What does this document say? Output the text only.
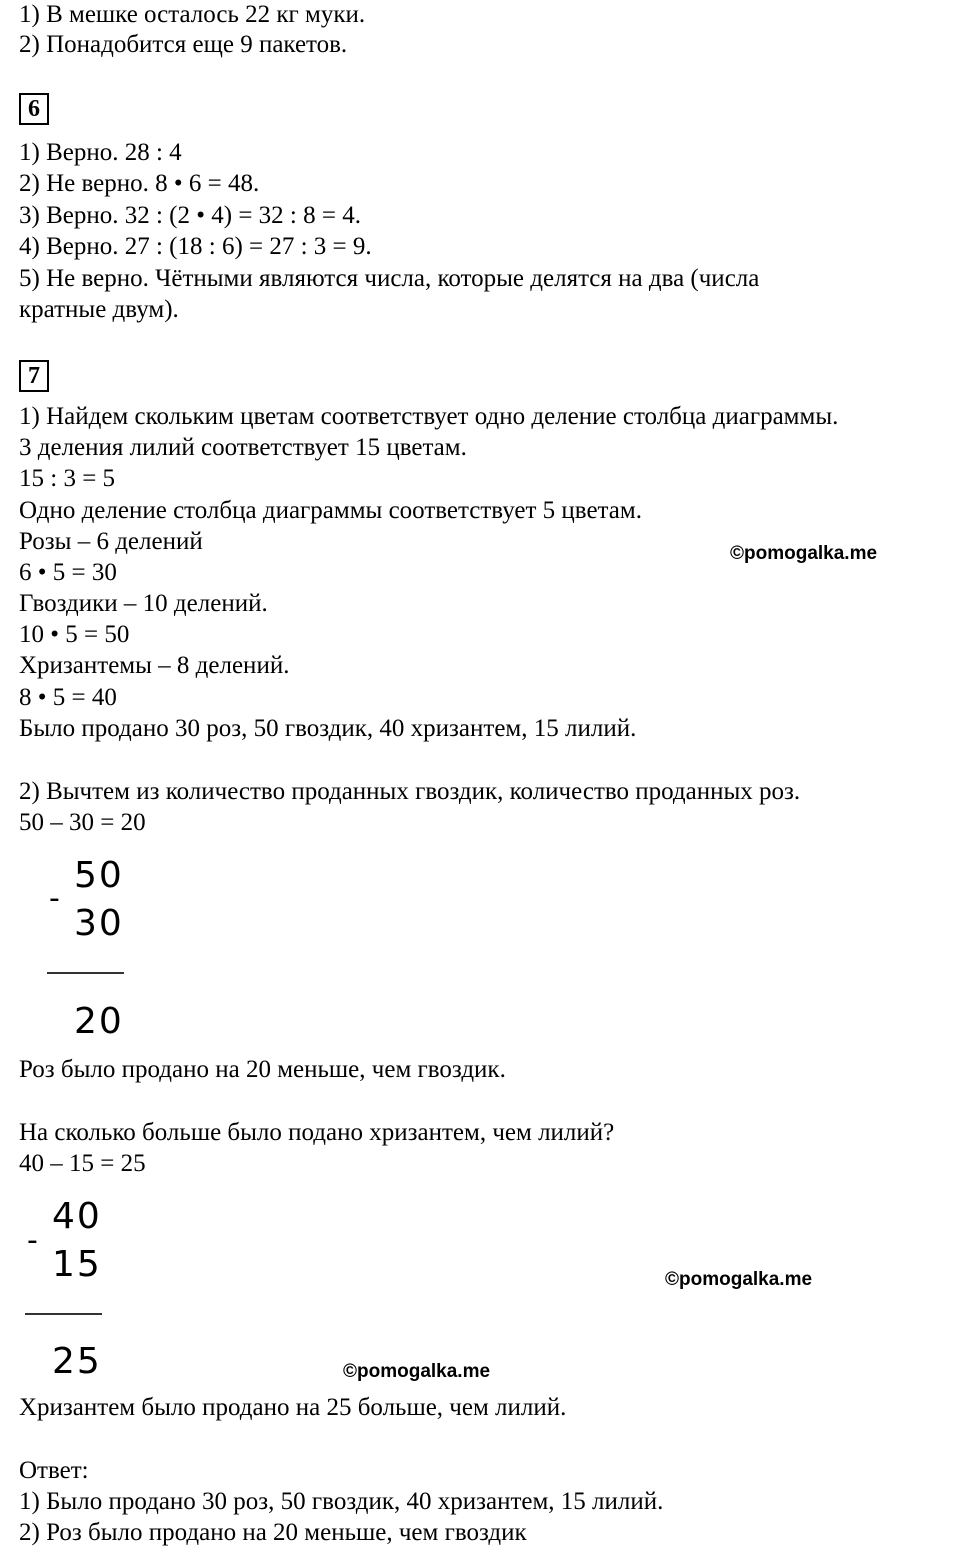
1) В мешке осталось 22 кг муки.
2) Понадобится еще 9 пакетов.
6
1) Верно. 28 : 4
2) Не верно. 8 • 6 = 48.
3) Верно. 32 : (2 • 4) = 32 : 8 = 4.
4) Верно. 27 : (18 : 6) = 27 : 3 = 9.
5) Не верно. Чётными являются числа, которые делятся на два (числа
кратные двум).
7
1) Найдем скольким цветам соответствует одно деление столбца диаграммы.
3 деления лилий соответствует 15 цветам.
15 : 3 = 5
Одно деление столбца диаграммы соответствует 5 цветам.
Розы – 6 делений
6 • 5 = 30
Гвоздики – 10 делений.
10 • 5 = 50
Хризантемы – 8 делений.
8 • 5 = 40
Было продано 30 роз, 50 гвоздик, 40 хризантем, 15 лилий.
2) Вычтем из количество проданных гвоздик, количество проданных роз.
50 – 30 = 20
-
50
30
20
Роз было продано на 20 меньше, чем гвоздик.
На сколько больше было подано хризантем, чем лилий?
40 – 15 = 25
-
40
15
25
Хризантем было продано на 25 больше, чем лилий.
Ответ:
1) Было продано 30 роз, 50 гвоздик, 40 хризантем, 15 лилий.
2) Роз было продано на 20 меньше, чем гвоздик
©pomogalka.me
©pomogalka.me
©pomogalka.me
